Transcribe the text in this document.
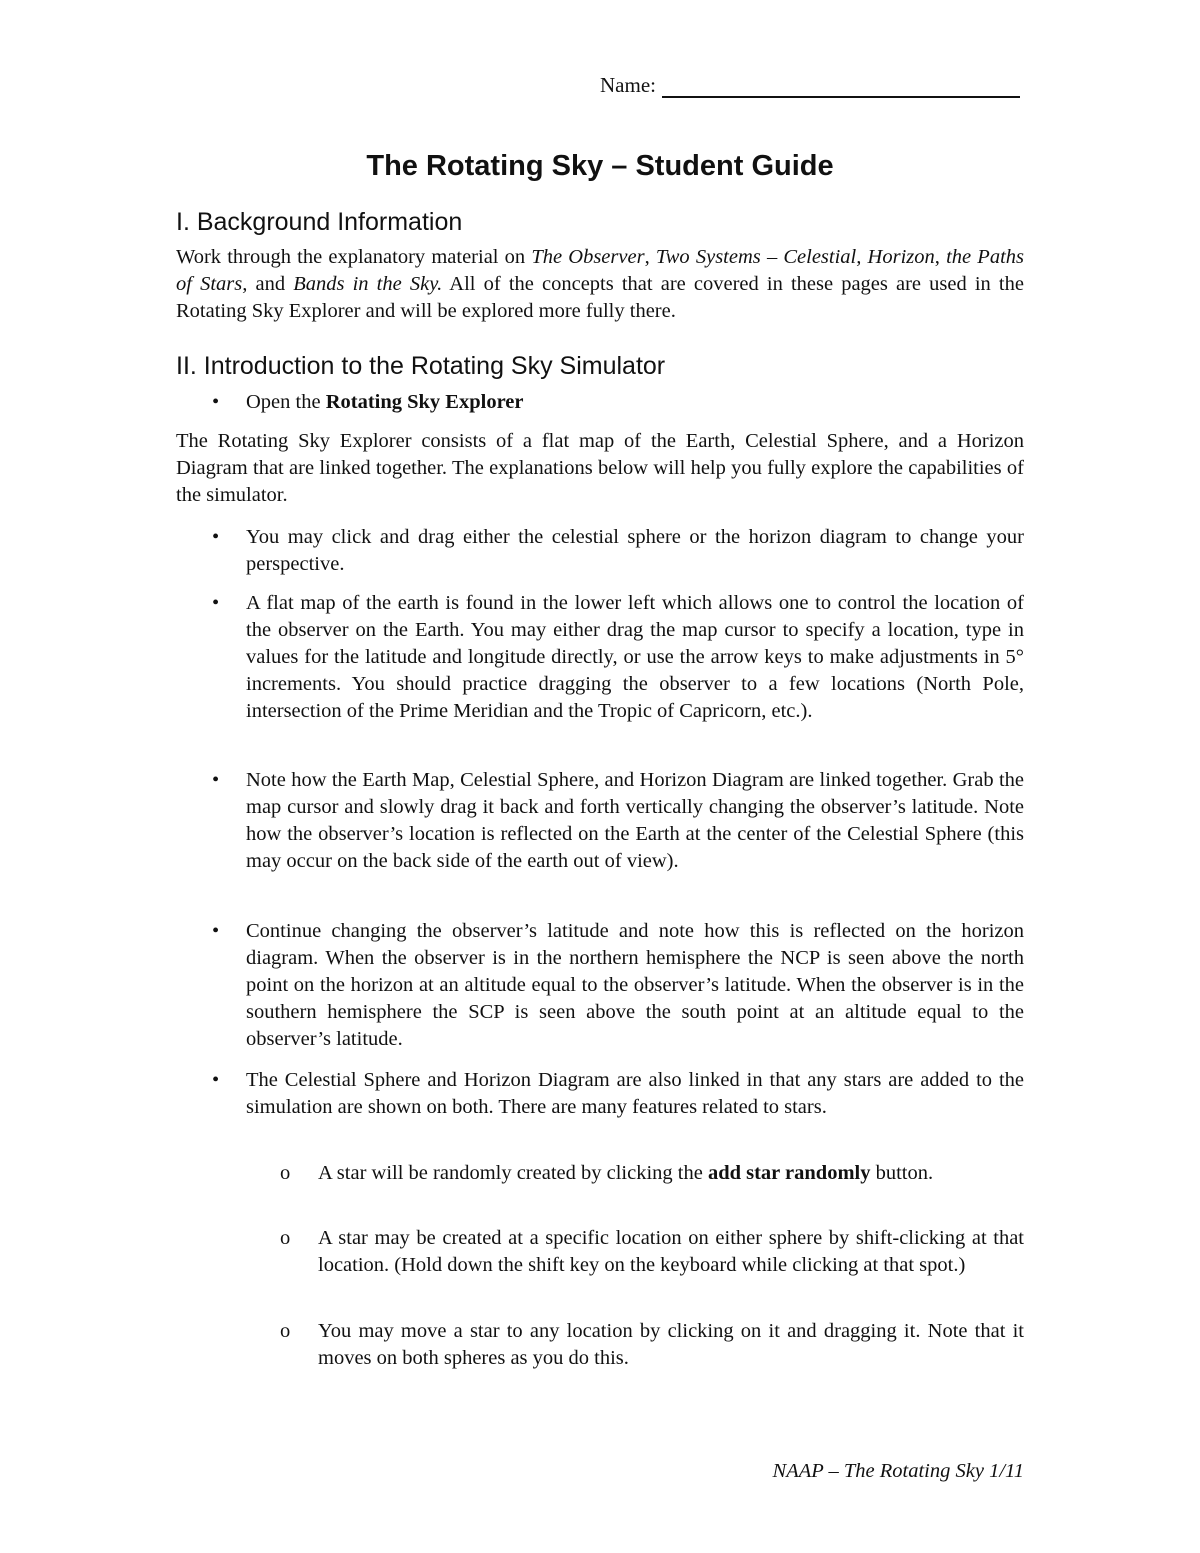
Name:
The Rotating Sky – Student Guide
I. Background Information

Work through the explanatory material on The Observer, Two Systems – Celestial, Horizon, the Paths of Stars, and Bands in the Sky. All of the concepts that are covered in these pages are used in the Rotating Sky Explorer and will be explored more fully there.

II. Introduction to the Rotating Sky Simulator

• Open the Rotating Sky Explorer

The Rotating Sky Explorer consists of a flat map of the Earth, Celestial Sphere, and a Horizon Diagram that are linked together. The explanations below will help you fully explore the capabilities of the simulator.

• You may click and drag either the celestial sphere or the horizon diagram to change your perspective.

• A flat map of the earth is found in the lower left which allows one to control the location of the observer on the Earth. You may either drag the map cursor to specify a location, type in values for the latitude and longitude directly, or use the arrow keys to make adjustments in 5° increments. You should practice dragging the observer to a few locations (North Pole, intersection of the Prime Meridian and the Tropic of Capricorn, etc.).

• Note how the Earth Map, Celestial Sphere, and Horizon Diagram are linked together. Grab the map cursor and slowly drag it back and forth vertically changing the observer’s latitude. Note how the observer’s location is reflected on the Earth at the center of the Celestial Sphere (this may occur on the back side of the earth out of view).

• Continue changing the observer’s latitude and note how this is reflected on the horizon diagram. When the observer is in the northern hemisphere the NCP is seen above the north point on the horizon at an altitude equal to the observer’s latitude. When the observer is in the southern hemisphere the SCP is seen above the south point at an altitude equal to the observer’s latitude.

• The Celestial Sphere and Horizon Diagram are also linked in that any stars are added to the simulation are shown on both. There are many features related to stars.

o A star will be randomly created by clicking the add star randomly button.

o A star may be created at a specific location on either sphere by shift-clicking at that location. (Hold down the shift key on the keyboard while clicking at that spot.)

o You may move a star to any location by clicking on it and dragging it. Note that it moves on both spheres as you do this.

NAAP – The Rotating Sky 1/11
